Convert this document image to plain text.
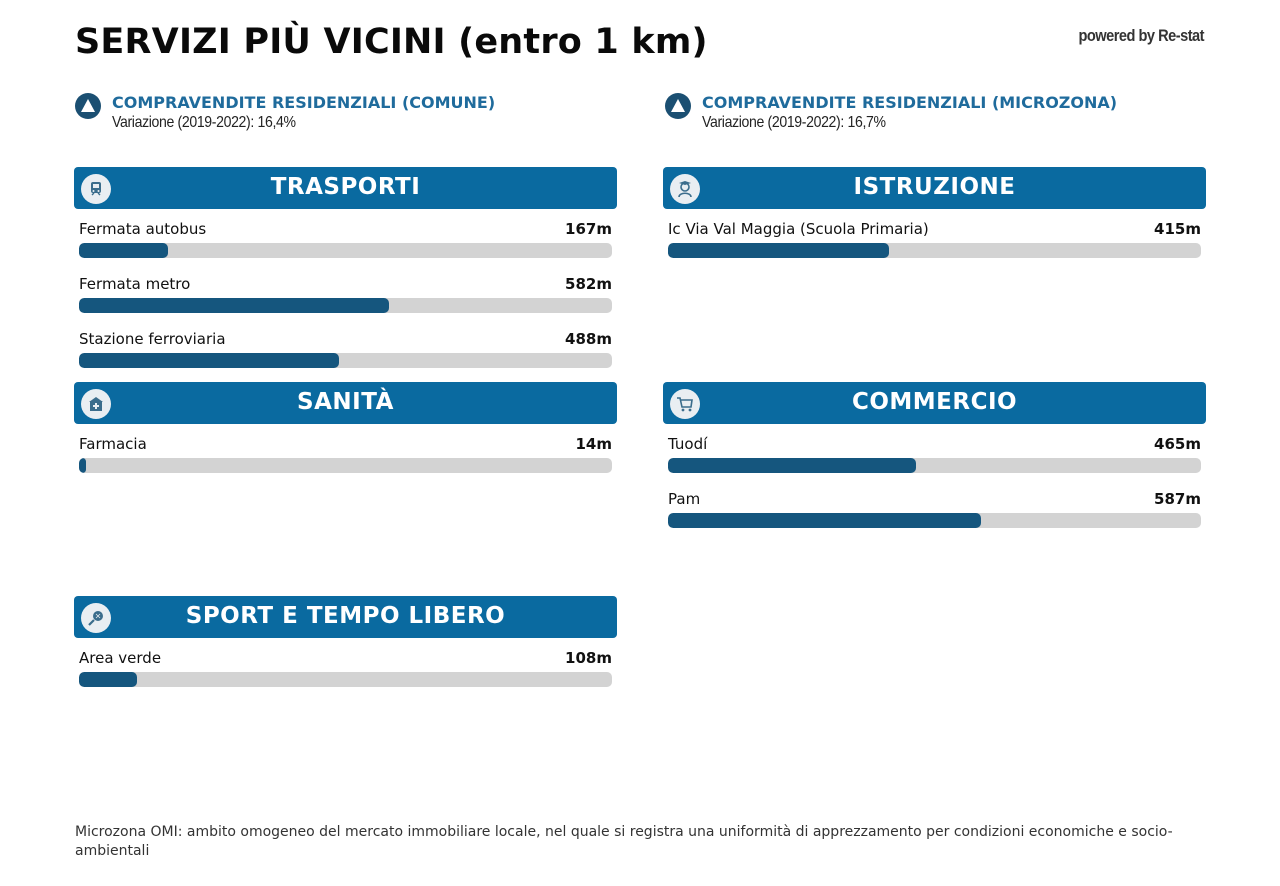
SERVIZI PIÙ VICINI (entro 1 km)	powered by Re-stat
COMPRAVENDITE RESIDENZIALI (COMUNE)
Variazione (2019-2022): 16,4%
COMPRAVENDITE RESIDENZIALI (MICROZONA)
Variazione (2019-2022): 16,7%
TRASPORTI
Fermata autobus	167m
Fermata metro	582m
Stazione ferroviaria	488m
ISTRUZIONE
Ic Via Val Maggia (Scuola Primaria)	415m
SANITÀ
Farmacia	14m
COMMERCIO
Tuodí	465m
Pam	587m
SPORT E TEMPO LIBERO
Area verde	108m
Microzona OMI: ambito omogeneo del mercato immobiliare locale, nel quale si registra una uniformità di apprezzamento per condizioni economiche e socio-ambientali
